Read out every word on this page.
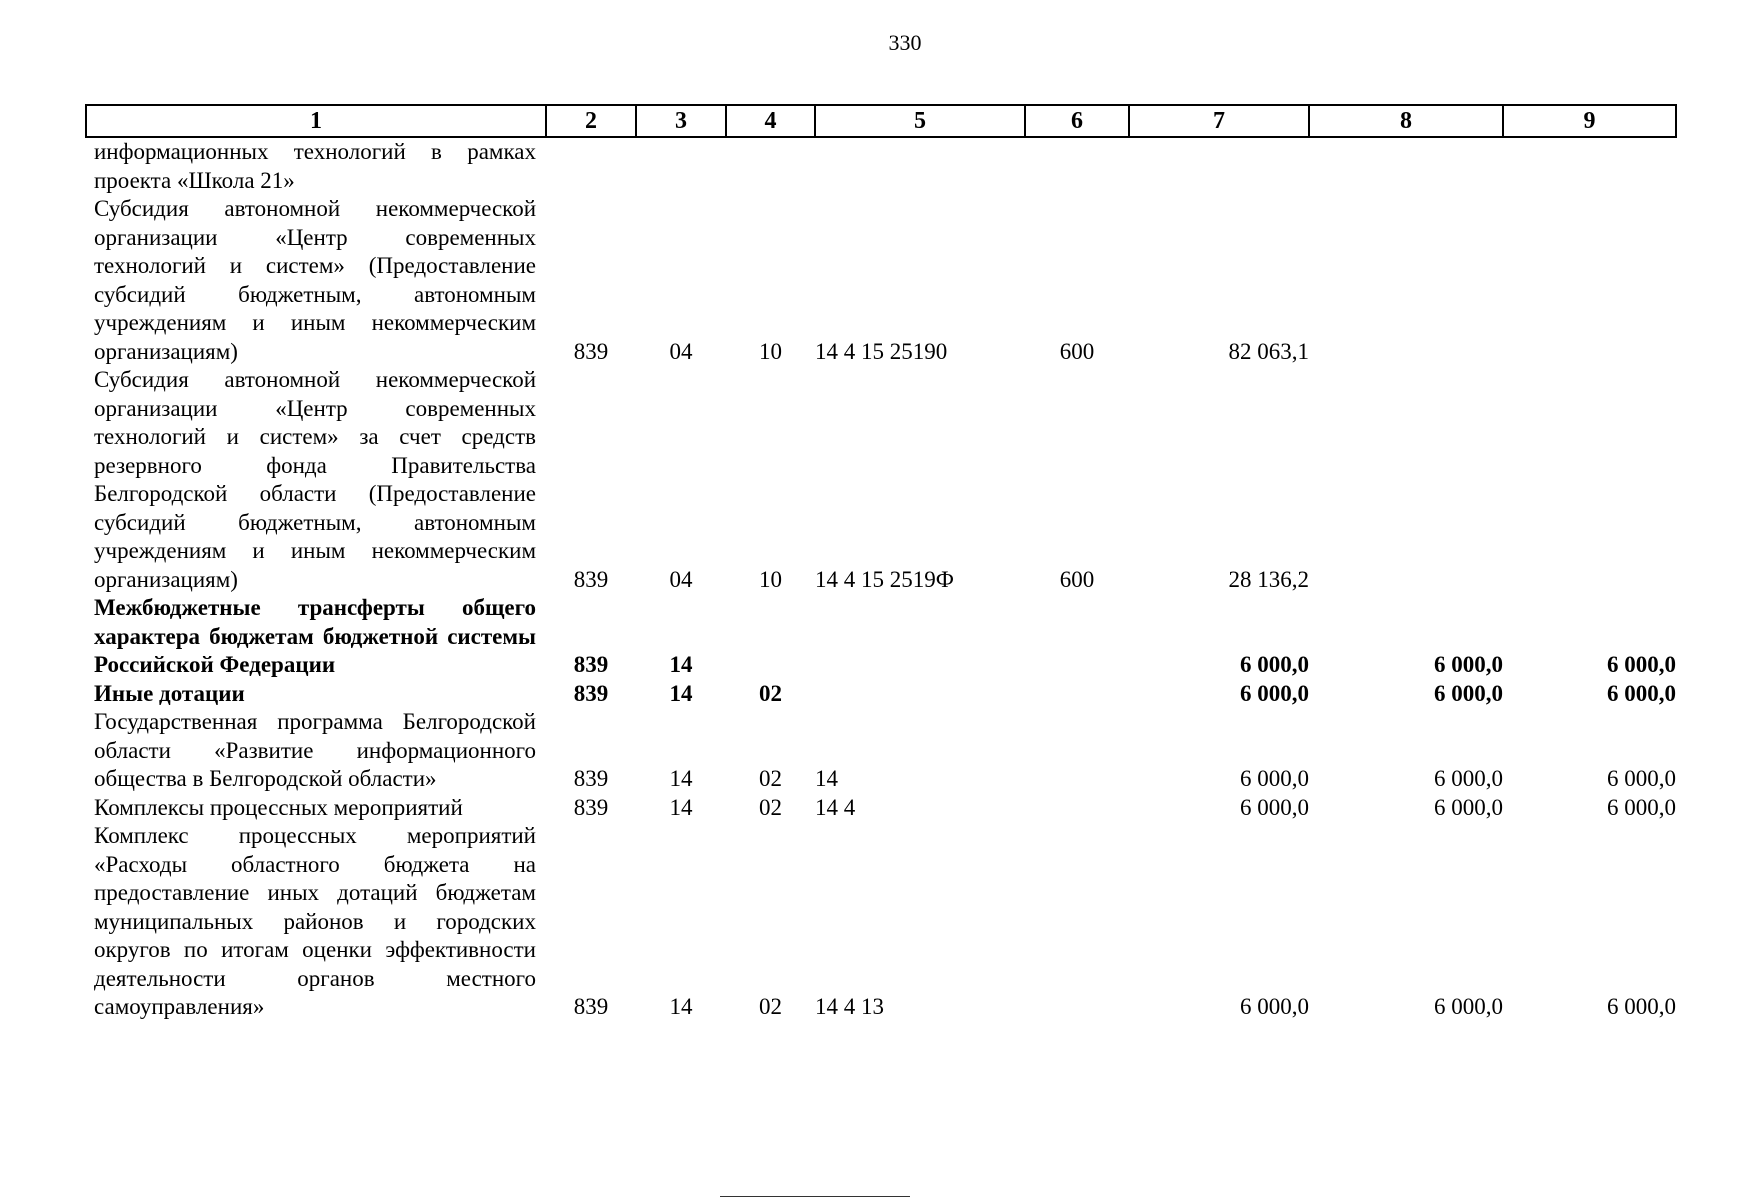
330
1	2	3	4	5	6	7	8	9
информационных технологий в рамках проекта «Школа 21»								
Субсидия автономной некоммерческой организации «Центр современных технологий и систем» (Предоставление субсидий бюджетным, автономным учреждениям и иным некоммерческим организациям)	839	04	10	14 4 15 25190	600	82 063,1		
Субсидия автономной некоммерческой организации «Центр современных технологий и систем» за счет средств резервного фонда Правительства Белгородской области (Предоставление субсидий бюджетным, автономным учреждениям и иным некоммерческим организациям)	839	04	10	14 4 15 2519Ф	600	28 136,2		
Межбюджетные трансферты общего характера бюджетам бюджетной системы Российской Федерации	839	14				6 000,0	6 000,0	6 000,0
Иные дотации	839	14	02			6 000,0	6 000,0	6 000,0
Государственная программа Белгородской области «Развитие информационного общества в Белгородской области»	839	14	02	14		6 000,0	6 000,0	6 000,0
Комплексы процессных мероприятий	839	14	02	14 4		6 000,0	6 000,0	6 000,0
Комплекс процессных мероприятий «Расходы областного бюджета на предоставление иных дотаций бюджетам муниципальных районов и городских округов по итогам оценки эффективности деятельности органов местного самоуправления»	839	14	02	14 4 13		6 000,0	6 000,0	6 000,0
